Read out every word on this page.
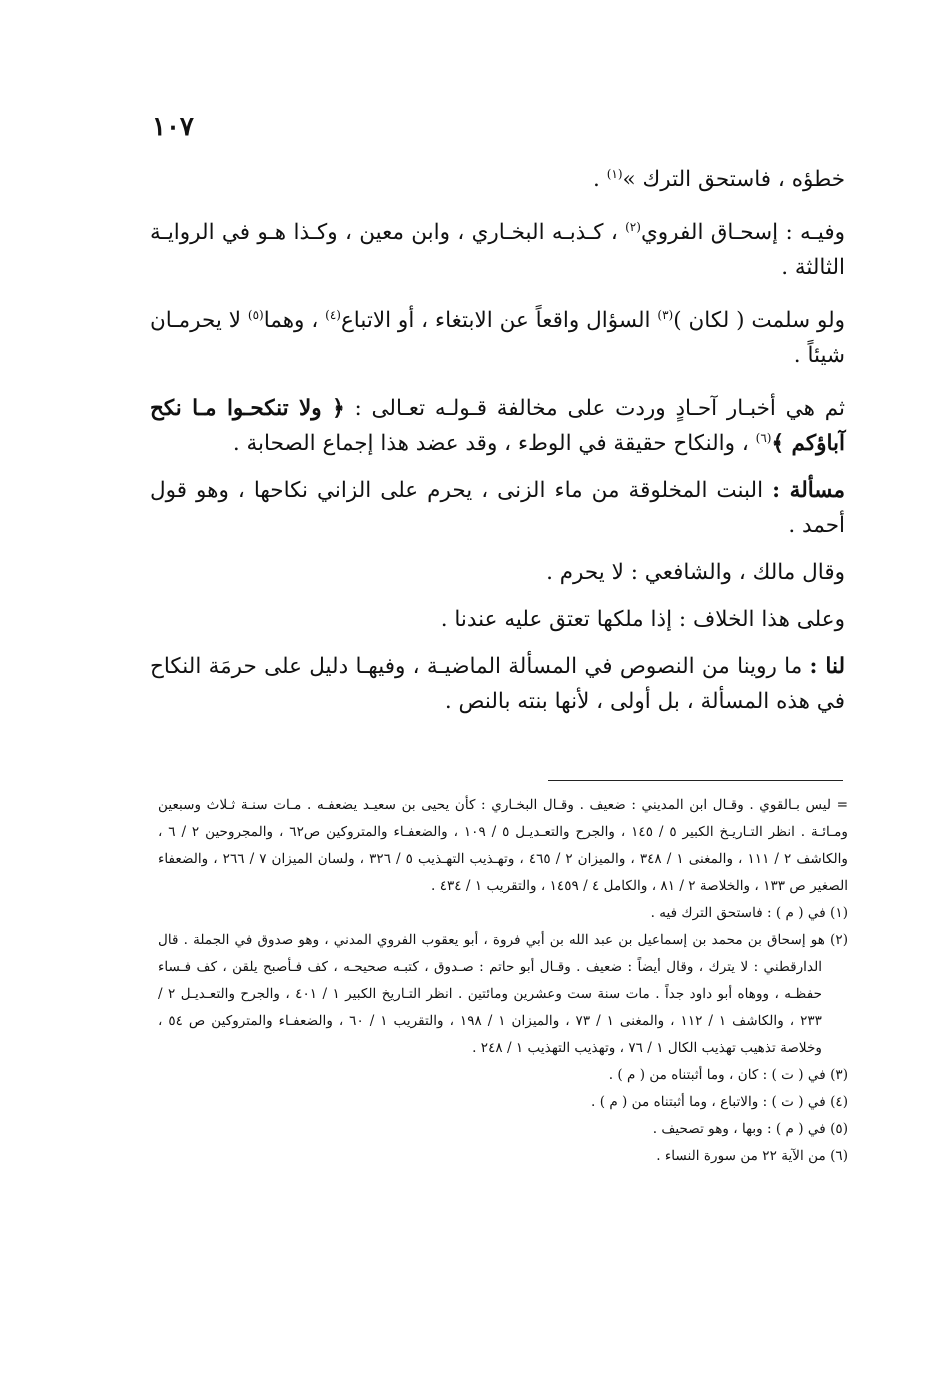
١٠٧

خطؤه ، فاستحق الترك »$^{(١)}$ .

وفيـه : إسحـاق الفروي$^{(٢)}$ ، كـذبـه البخـاري ، وابن معين ، وكـذا هـو في الروايـة الثالثة .

ولو سلمت ( لكان )$^{(٣)}$ السؤال واقعاً عن الابتغاء ، أو الاتباع$^{(٤)}$ ، وهما$^{(٥)}$ لا يحرمـان شيئاً .

ثم هي أخبـار آحـادٍ وردت على مخالفة قـولـه تعـالى : ﴿ ولا تنكحـوا مـا نكح آباؤكم ﴾$^{(٦)}$ ، والنكاح حقيقة في الوطء ، وقد عضد هذا إجماع الصحابة .

مسألة : البنت المخلوقة من ماء الزنى ، يحرم على الزاني نكاحها ، وهو قول أحمد .

وقال مالك ، والشافعي : لا يحرم .

وعلى هذا الخلاف : إذا ملكها تعتق عليه عندنا .

لنا : ما روينا من النصوص في المسألة الماضيـة ، وفيهـا دليل على حرمَة النكاح في هذه المسألة ، بل أولى ، لأنها بنته بالنص .

= ليس بـالقوي . وقـال ابن المديني : ضعيف . وقـال البخـاري : كأن يحيى بن سعيـد يضعفـه . مـات سنـة ثـلاث وسبعين ومـائـة . انظر التـاريـخ الكبير ٥ / ١٤٥ ، والجرح والتعـديـل ٥ / ١٠٩ ، والضعفـاء والمتروكين ص٦٢ ، والمجروحين ٢ / ٦ ، والكاشف ٢ / ١١١ ، والمغنى ١ / ٣٤٨ ، والميزان ٢ / ٤٦٥ ، وتهـذيب التهـذيب ٥ / ٣٢٦ ، ولسان الميزان ٧ / ٢٦٦ ، والضعفاء الصغير ص ١٣٣ ، والخلاصة ٢ / ٨١ ، والكامل ٤ / ١٤٥٩ ، والتقريب ١ / ٤٣٤ .

(١) في ( م ) : فاستحق الترك فيه .

(٢) هو إسحاق بن محمد بن إسماعيل بن عبد الله بن أبي فروة ، أبو يعقوب الفروي المدني ، وهو صدوق في الجملة . قال الدارقطني : لا يترك ، وقال أيضاً : ضعيف . وقـال أبو حاتم : صـدوق ، كتبـه صحيحـه ، كف فـأصبح يلقن ، كف فـساء حفظـه ، ووهاه أبو داود جداً . مات سنة ست وعشرين ومائتين . انظر التـاريخ الكبير ١ / ٤٠١ ، والجرح والتعـديـل ٢ / ٢٣٣ ، والكاشف ١ / ١١٢ ، والمغنى ١ / ٧٣ ، والميزان ١ / ١٩٨ ، والتقريب ١ / ٦٠ ، والضعفـاء والمتروكين ص ٥٤ ، وخلاصة تذهيب تهذيب الكال ١ / ٧٦ ، وتهذيب التهذيب ١ / ٢٤٨ .

(٣) في ( ت ) : كان ، وما أثبتناه من ( م ) .

(٤) في ( ت ) : والاتباع ، وما أثبتناه من ( م ) .

(٥) في ( م ) : وبها ، وهو تصحيف .

(٦) من الآية ٢٢ من سورة النساء .
